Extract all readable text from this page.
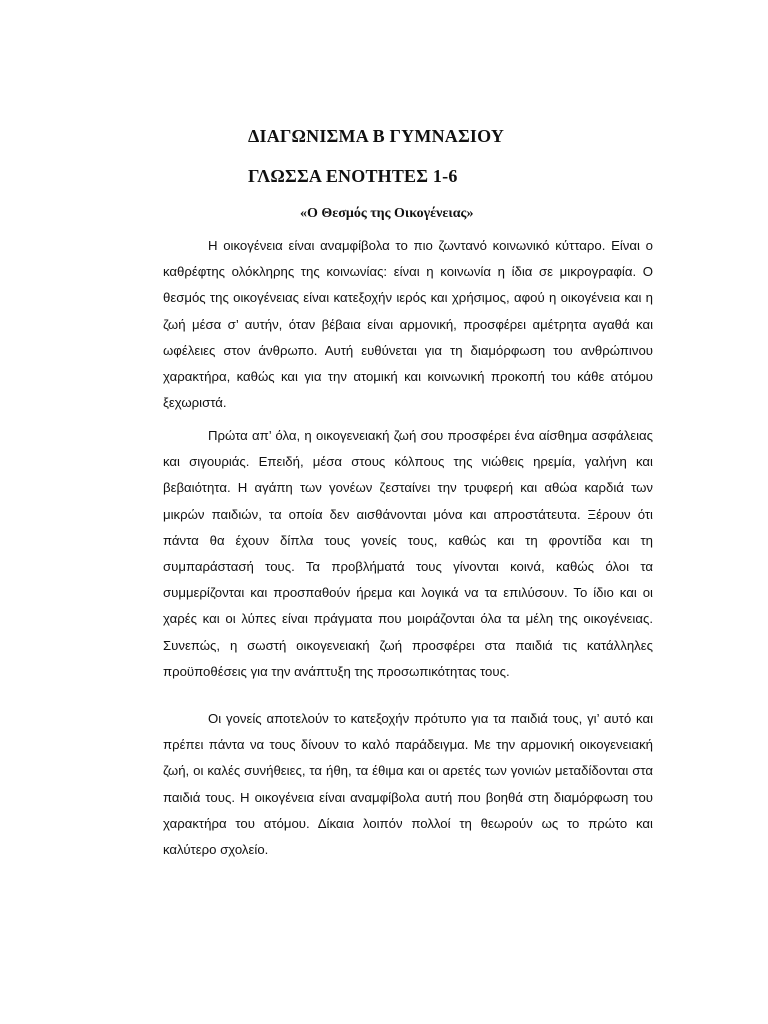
ΔΙΑΓΩΝΙΣΜΑ Β ΓΥΜΝΑΣΙΟΥ
ΓΛΩΣΣΑ ΕΝΟΤΗΤΕΣ 1-6
«Ο Θεσμός της Οικογένειας»

Η οικογένεια είναι αναμφίβολα το πιο ζωντανό κοινωνικό κύτταρο. Είναι ο καθρέφτης ολόκληρης της κοινωνίας: είναι η κοινωνία η ίδια σε μικρογραφία. Ο θεσμός της οικογένειας είναι κατεξοχήν ιερός και χρήσιμος, αφού η οικογένεια και η ζωή μέσα σ’ αυτήν, όταν βέβαια είναι αρμονική, προσφέρει αμέτρητα αγαθά και ωφέλειες στον άνθρωπο. Αυτή ευθύνεται για τη διαμόρφωση του ανθρώπινου χαρακτήρα, καθώς και για την ατομική και κοινωνική προκοπή του κάθε ατόμου ξεχωριστά.

Πρώτα απ’ όλα, η οικογενειακή ζωή σου προσφέρει ένα αίσθημα ασφάλειας και σιγουριάς. Επειδή, μέσα στους κόλπους της νιώθεις ηρεμία, γαλήνη και βεβαιότητα. Η αγάπη των γονέων ζεσταίνει την τρυφερή και αθώα καρδιά των μικρών παιδιών, τα οποία δεν αισθάνονται μόνα και απροστάτευτα. Ξέρουν ότι πάντα θα έχουν δίπλα τους γονείς τους, καθώς και τη φροντίδα και τη συμπαράστασή τους. Τα προβλήματά τους γίνονται κοινά, καθώς όλοι τα συμμερίζονται και προσπαθούν ήρεμα και λογικά να τα επιλύσουν. Το ίδιο και οι χαρές και οι λύπες είναι πράγματα που μοιράζονται όλα τα μέλη της οικογένειας. Συνεπώς, η σωστή οικογενειακή ζωή προσφέρει στα παιδιά τις κατάλληλες προϋποθέσεις για την ανάπτυξη της προσωπικότητας τους.

Οι γονείς αποτελούν το κατεξοχήν πρότυπο για τα παιδιά τους, γι’ αυτό και πρέπει πάντα να τους δίνουν το καλό παράδειγμα. Με την αρμονική οικογενειακή ζωή, οι καλές συνήθειες, τα ήθη, τα έθιμα και οι αρετές των γονιών μεταδίδονται στα παιδιά τους. Η οικογένεια είναι αναμφίβολα αυτή που βοηθά στη διαμόρφωση του χαρακτήρα του ατόμου. Δίκαια λοιπόν πολλοί τη θεωρούν ως το πρώτο και καλύτερο σχολείο.
